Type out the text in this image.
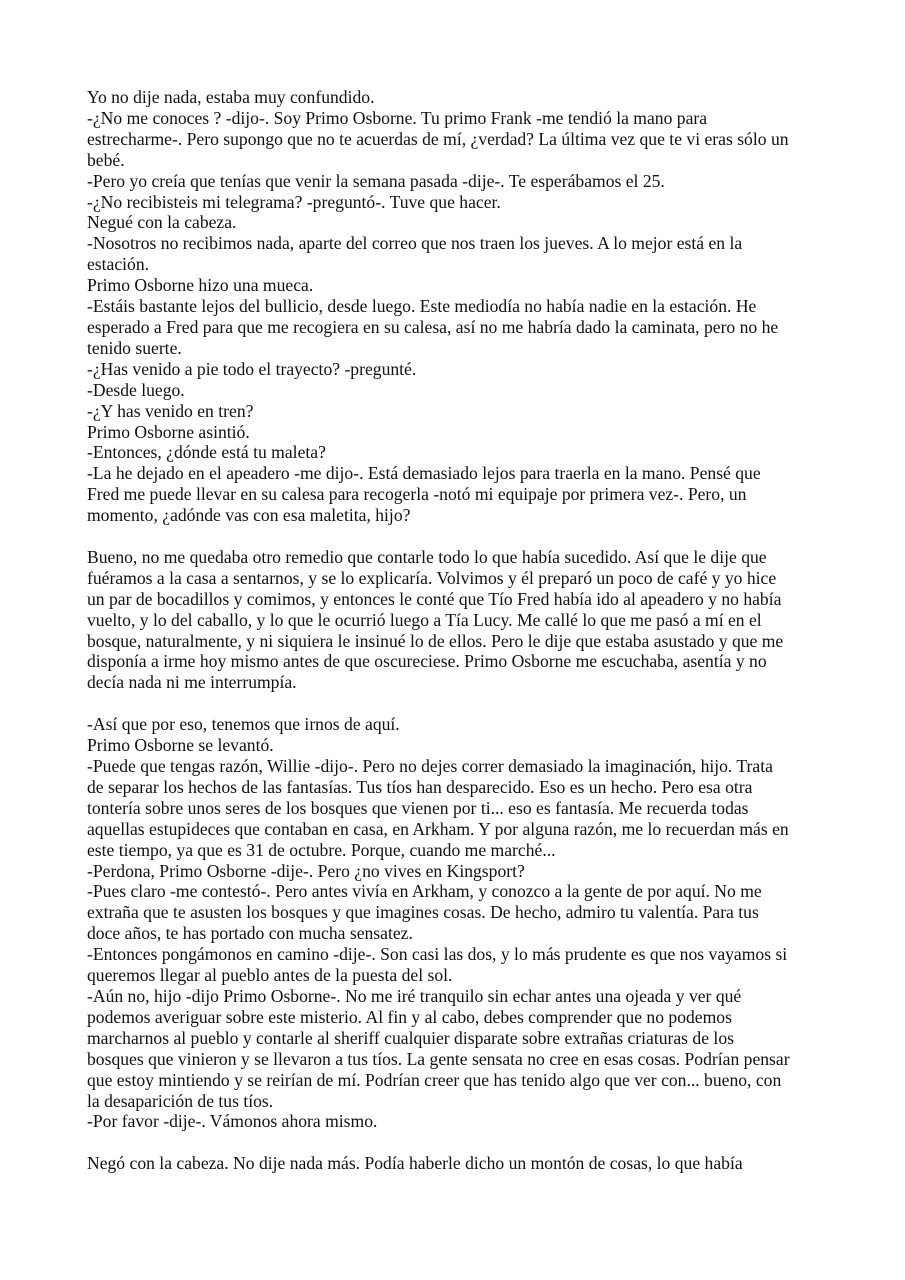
Yo no dije nada, estaba muy confundido.
-¿No me conoces ? -dijo-. Soy Primo Osborne. Tu primo Frank -me tendió la mano para
estrecharme-. Pero supongo que no te acuerdas de mí, ¿verdad? La última vez que te vi eras sólo un
bebé.
-Pero yo creía que tenías que venir la semana pasada -dije-. Te esperábamos el 25.
-¿No recibisteis mi telegrama? -preguntó-. Tuve que hacer.
Negué con la cabeza.
-Nosotros no recibimos nada, aparte del correo que nos traen los jueves. A lo mejor está en la
estación.
Primo Osborne hizo una mueca.
-Estáis bastante lejos del bullicio, desde luego. Este mediodía no había nadie en la estación. He
esperado a Fred para que me recogiera en su calesa, así no me habría dado la caminata, pero no he
tenido suerte.
-¿Has venido a pie todo el trayecto? -pregunté.
-Desde luego.
-¿Y has venido en tren?
Primo Osborne asintió.
-Entonces, ¿dónde está tu maleta?
-La he dejado en el apeadero -me dijo-. Está demasiado lejos para traerla en la mano. Pensé que
Fred me puede llevar en su calesa para recogerla -notó mi equipaje por primera vez-. Pero, un
momento, ¿adónde vas con esa maletita, hijo?
Bueno, no me quedaba otro remedio que contarle todo lo que había sucedido. Así que le dije que
fuéramos a la casa a sentarnos, y se lo explicaría. Volvimos y él preparó un poco de café y yo hice
un par de bocadillos y comimos, y entonces le conté que Tío Fred había ido al apeadero y no había
vuelto, y lo del caballo, y lo que le ocurrió luego a Tía Lucy. Me callé lo que me pasó a mí en el
bosque, naturalmente, y ni siquiera le insinué lo de ellos. Pero le dije que estaba asustado y que me
disponía a irme hoy mismo antes de que oscureciese. Primo Osborne me escuchaba, asentía y no
decía nada ni me interrumpía.
-Así que por eso, tenemos que irnos de aquí.
Primo Osborne se levantó.
-Puede que tengas razón, Willie -dijo-. Pero no dejes correr demasiado la imaginación, hijo. Trata
de separar los hechos de las fantasías. Tus tíos han desparecido. Eso es un hecho. Pero esa otra
tontería sobre unos seres de los bosques que vienen por ti... eso es fantasía. Me recuerda todas
aquellas estupideces que contaban en casa, en Arkham. Y por alguna razón, me lo recuerdan más en
este tiempo, ya que es 31 de octubre. Porque, cuando me marché...
-Perdona, Primo Osborne -dije-. Pero ¿no vives en Kingsport?
-Pues claro -me contestó-. Pero antes vivía en Arkham, y conozco a la gente de por aquí. No me
extraña que te asusten los bosques y que imagines cosas. De hecho, admiro tu valentía. Para tus
doce años, te has portado con mucha sensatez.
-Entonces pongámonos en camino -dije-. Son casi las dos, y lo más prudente es que nos vayamos si
queremos llegar al pueblo antes de la puesta del sol.
-Aún no, hijo -dijo Primo Osborne-. No me iré tranquilo sin echar antes una ojeada y ver qué
podemos averiguar sobre este misterio. Al fin y al cabo, debes comprender que no podemos
marcharnos al pueblo y contarle al sheriff cualquier disparate sobre extrañas criaturas de los
bosques que vinieron y se llevaron a tus tíos. La gente sensata no cree en esas cosas. Podrían pensar
que estoy mintiendo y se reirían de mí. Podrían creer que has tenido algo que ver con... bueno, con
la desaparición de tus tíos.
-Por favor -dije-. Vámonos ahora mismo.
Negó con la cabeza. No dije nada más. Podía haberle dicho un montón de cosas, lo que había
